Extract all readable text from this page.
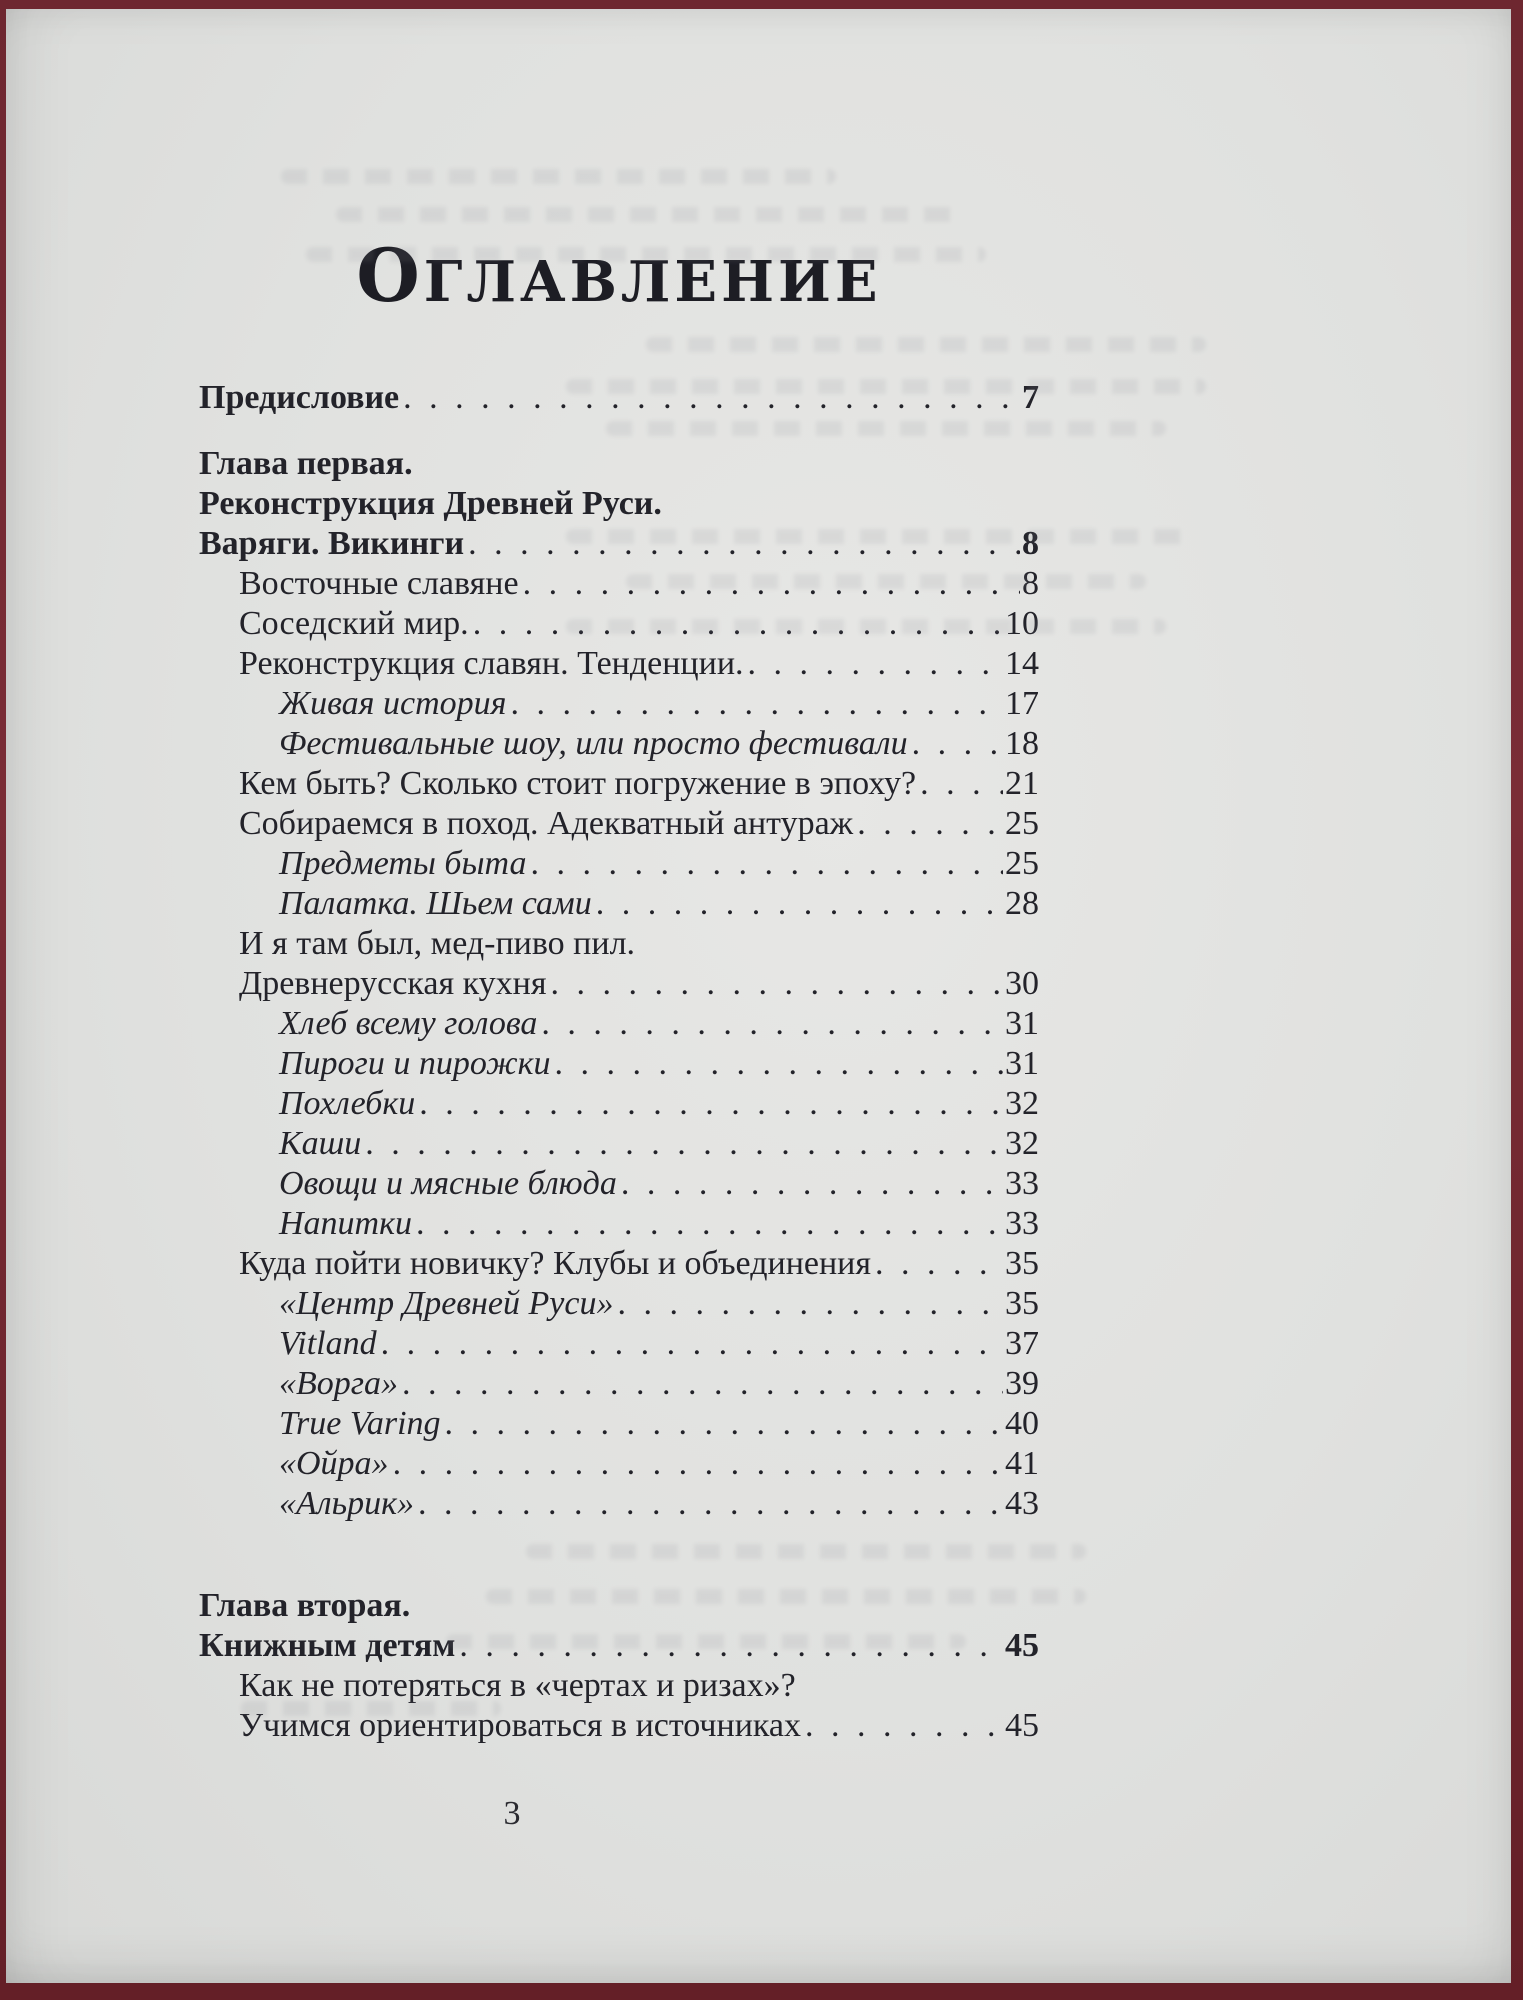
ОГЛАВЛЕНИЕ
Предисловие . . .	7
Глава первая.
Реконструкция Древней Руси.
Варяги. Викинги . . .	8
Восточные славяне . . .	8
Соседский мир. . . .	10
Реконструкция славян. Тенденции. . . .	14
Живая история . . .	17
Фестивальные шоу, или просто фестивали . . .	18
Кем быть? Сколько стоит погружение в эпоху? . . .	21
Собираемся в поход. Адекватный антураж . . .	25
Предметы быта . . .	25
Палатка. Шьем сами . . .	28
И я там был, мед-пиво пил.
Древнерусская кухня . . .	30
Хлеб всему голова . . .	31
Пироги и пирожки . . .	31
Похлебки . . .	32
Каши . . .	32
Овощи и мясные блюда . . .	33
Напитки . . .	33
Куда пойти новичку? Клубы и объединения . . .	35
«Центр Древней Руси» . . .	35
Vitland . . .	37
«Ворга» . . .	39
True Varing . . .	40
«Ойра» . . .	41
«Альрик» . . .	43
Глава вторая.
Книжным детям . . .	45
Как не потеряться в «чертах и ризах»?
Учимся ориентироваться в источниках . . .	45
3
